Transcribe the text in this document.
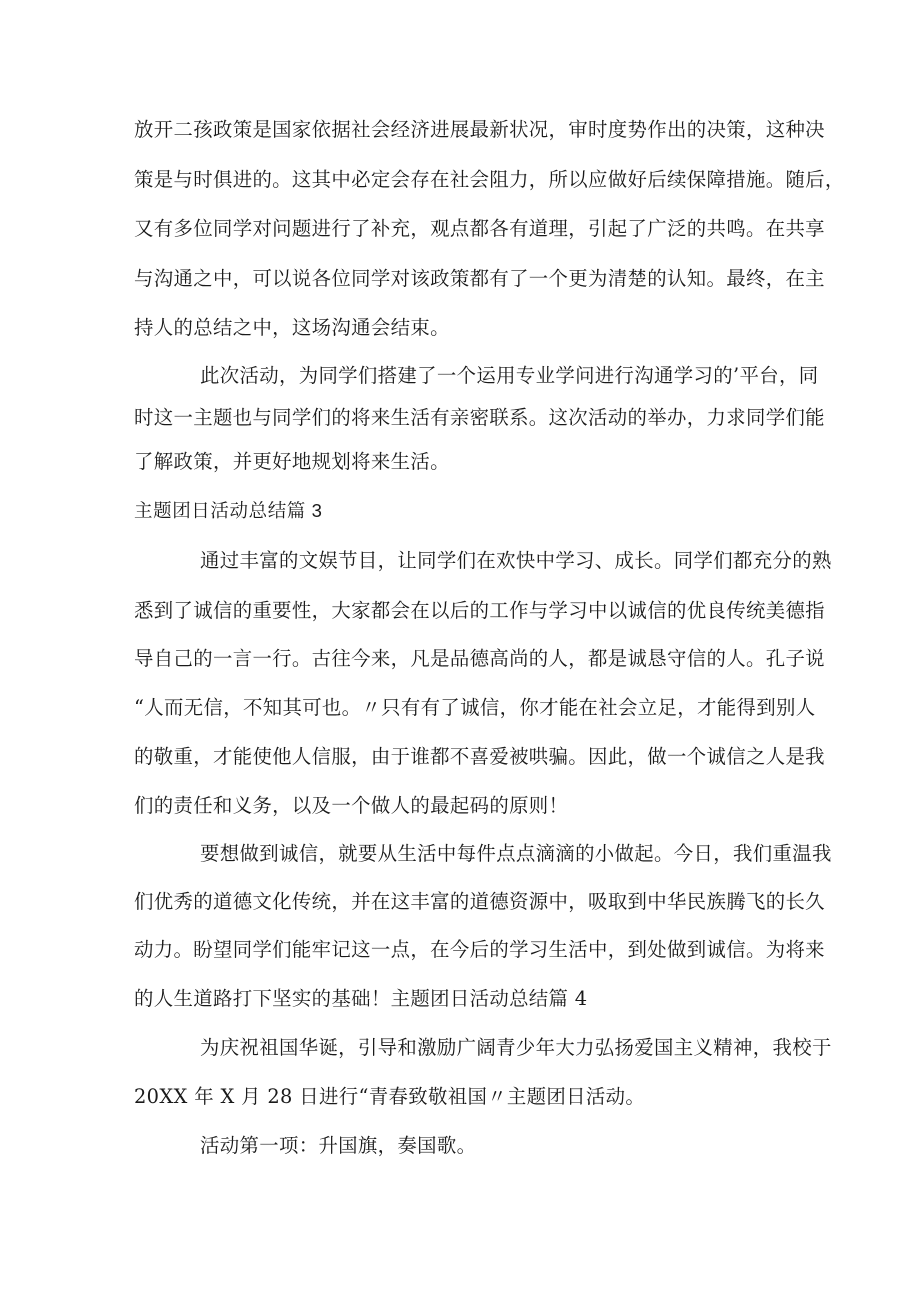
放开二孩政策是国家依据社会经济进展最新状况，审时度势作出的决策，这种决
策是与时俱进的。这其中必定会存在社会阻力，所以应做好后续保障措施。随后，
又有多位同学对问题进行了补充，观点都各有道理，引起了广泛的共鸣。在共享
与沟通之中，可以说各位同学对该政策都有了一个更为清楚的认知。最终，在主
持人的总结之中，这场沟通会结束。
此次活动，为同学们搭建了一个运用专业学问进行沟通学习的’平台，同
时这一主题也与同学们的将来生活有亲密联系。这次活动的举办，力求同学们能
了解政策，并更好地规划将来生活。
主题团日活动总结篇 3
通过丰富的文娱节目，让同学们在欢快中学习、成长。同学们都充分的熟
悉到了诚信的重要性，大家都会在以后的工作与学习中以诚信的优良传统美德指
导自己的一言一行。古往今来，凡是品德高尚的人，都是诚恳守信的人。孔子说
“人而无信，不知其可也。〃只有有了诚信，你才能在社会立足，才能得到别人
的敬重，才能使他人信服，由于谁都不喜爱被哄骗。因此，做一个诚信之人是我
们的责任和义务，以及一个做人的最起码的原则！
要想做到诚信，就要从生活中每件点点滴滴的小做起。今日，我们重温我
们优秀的道德文化传统，并在这丰富的道德资源中，吸取到中华民族腾飞的长久
动力。盼望同学们能牢记这一点，在今后的学习生活中，到处做到诚信。为将来
的人生道路打下坚实的基础！主题团日活动总结篇 4
为庆祝祖国华诞，引导和激励广阔青少年大力弘扬爱国主义精神，我校于
20XX 年 X 月 28 日进行“青春致敬祖国〃主题团日活动。
活动第一项：升国旗，奏国歌。
